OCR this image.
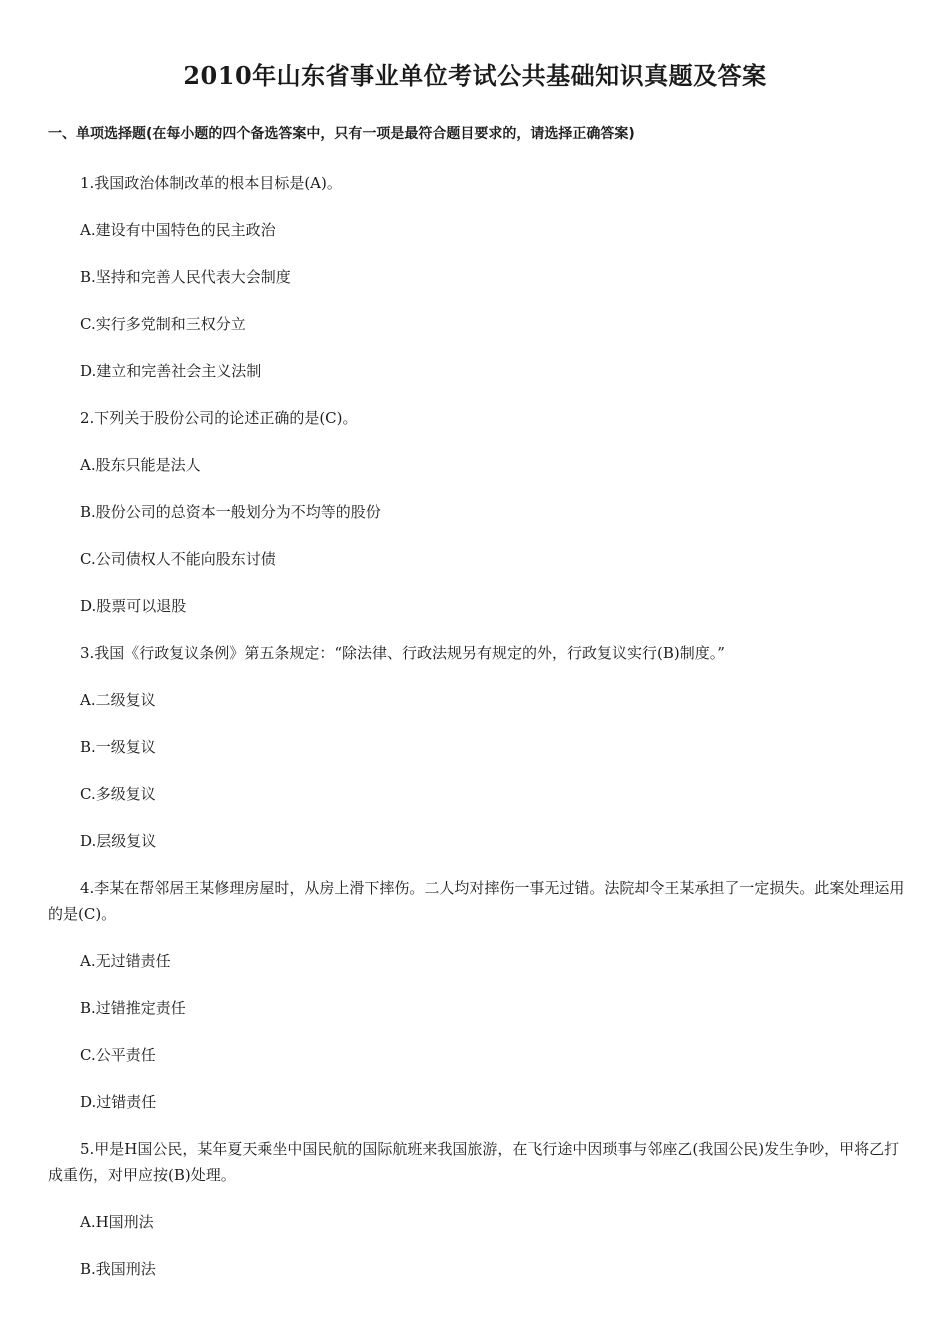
2010年山东省事业单位考试公共基础知识真题及答案
一、单项选择题(在每小题的四个备选答案中，只有一项是最符合题目要求的，请选择正确答案)
1.我国政治体制改革的根本目标是(A)。
A.建设有中国特色的民主政治
B.坚持和完善人民代表大会制度
C.实行多党制和三权分立
D.建立和完善社会主义法制
2.下列关于股份公司的论述正确的是(C)。
A.股东只能是法人
B.股份公司的总资本一般划分为不均等的股份
C.公司债权人不能向股东讨债
D.股票可以退股
3.我国《行政复议条例》第五条规定：“除法律、行政法规另有规定的外，行政复议实行(B)制度。”
A.二级复议
B.一级复议
C.多级复议
D.层级复议
4.李某在帮邻居王某修理房屋时，从房上滑下摔伤。二人均对摔伤一事无过错。法院却令王某承担了一定损失。此案处理运用的是(C)。
A.无过错责任
B.过错推定责任
C.公平责任
D.过错责任
5.甲是H国公民，某年夏天乘坐中国民航的国际航班来我国旅游，在飞行途中因琐事与邻座乙(我国公民)发生争吵，甲将乙打成重伤，对甲应按(B)处理。
A.H国刑法
B.我国刑法
